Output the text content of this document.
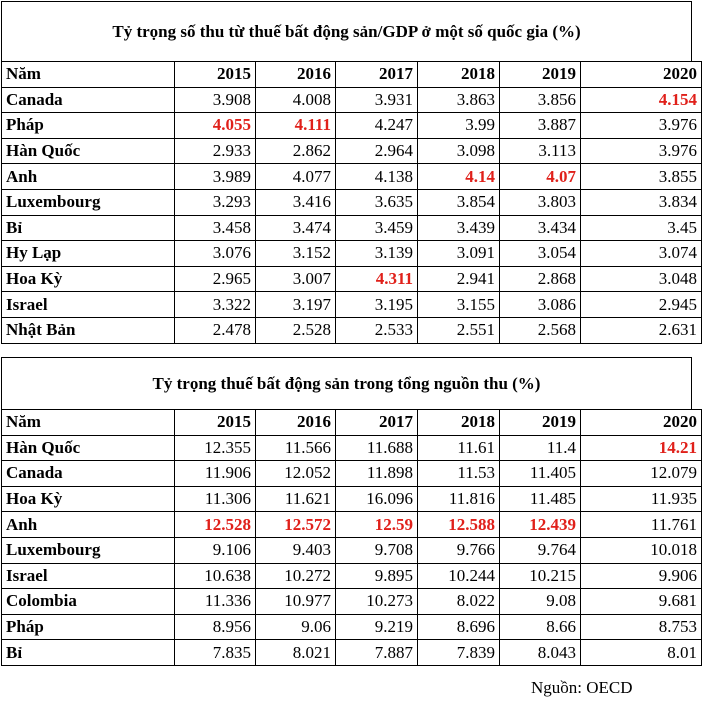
Tỷ trọng số thu từ thuế bất động sản/GDP ở một số quốc gia (%)
Năm	2015	2016	2017	2018	2019	2020
Canada	3.908	4.008	3.931	3.863	3.856	4.154
Pháp	4.055	4.111	4.247	3.99	3.887	3.976
Hàn Quốc	2.933	2.862	2.964	3.098	3.113	3.976
Anh	3.989	4.077	4.138	4.14	4.07	3.855
Luxembourg	3.293	3.416	3.635	3.854	3.803	3.834
Bỉ	3.458	3.474	3.459	3.439	3.434	3.45
Hy Lạp	3.076	3.152	3.139	3.091	3.054	3.074
Hoa Kỳ	2.965	3.007	4.311	2.941	2.868	3.048
Israel	3.322	3.197	3.195	3.155	3.086	2.945
Nhật Bản	2.478	2.528	2.533	2.551	2.568	2.631
Tỷ trọng thuế bất động sản trong tổng nguồn thu (%)
Năm	2015	2016	2017	2018	2019	2020
Hàn Quốc	12.355	11.566	11.688	11.61	11.4	14.21
Canada	11.906	12.052	11.898	11.53	11.405	12.079
Hoa Kỳ	11.306	11.621	16.096	11.816	11.485	11.935
Anh	12.528	12.572	12.59	12.588	12.439	11.761
Luxembourg	9.106	9.403	9.708	9.766	9.764	10.018
Israel	10.638	10.272	9.895	10.244	10.215	9.906
Colombia	11.336	10.977	10.273	8.022	9.08	9.681
Pháp	8.956	9.06	9.219	8.696	8.66	8.753
Bỉ	7.835	8.021	7.887	7.839	8.043	8.01
Nguồn: OECD
